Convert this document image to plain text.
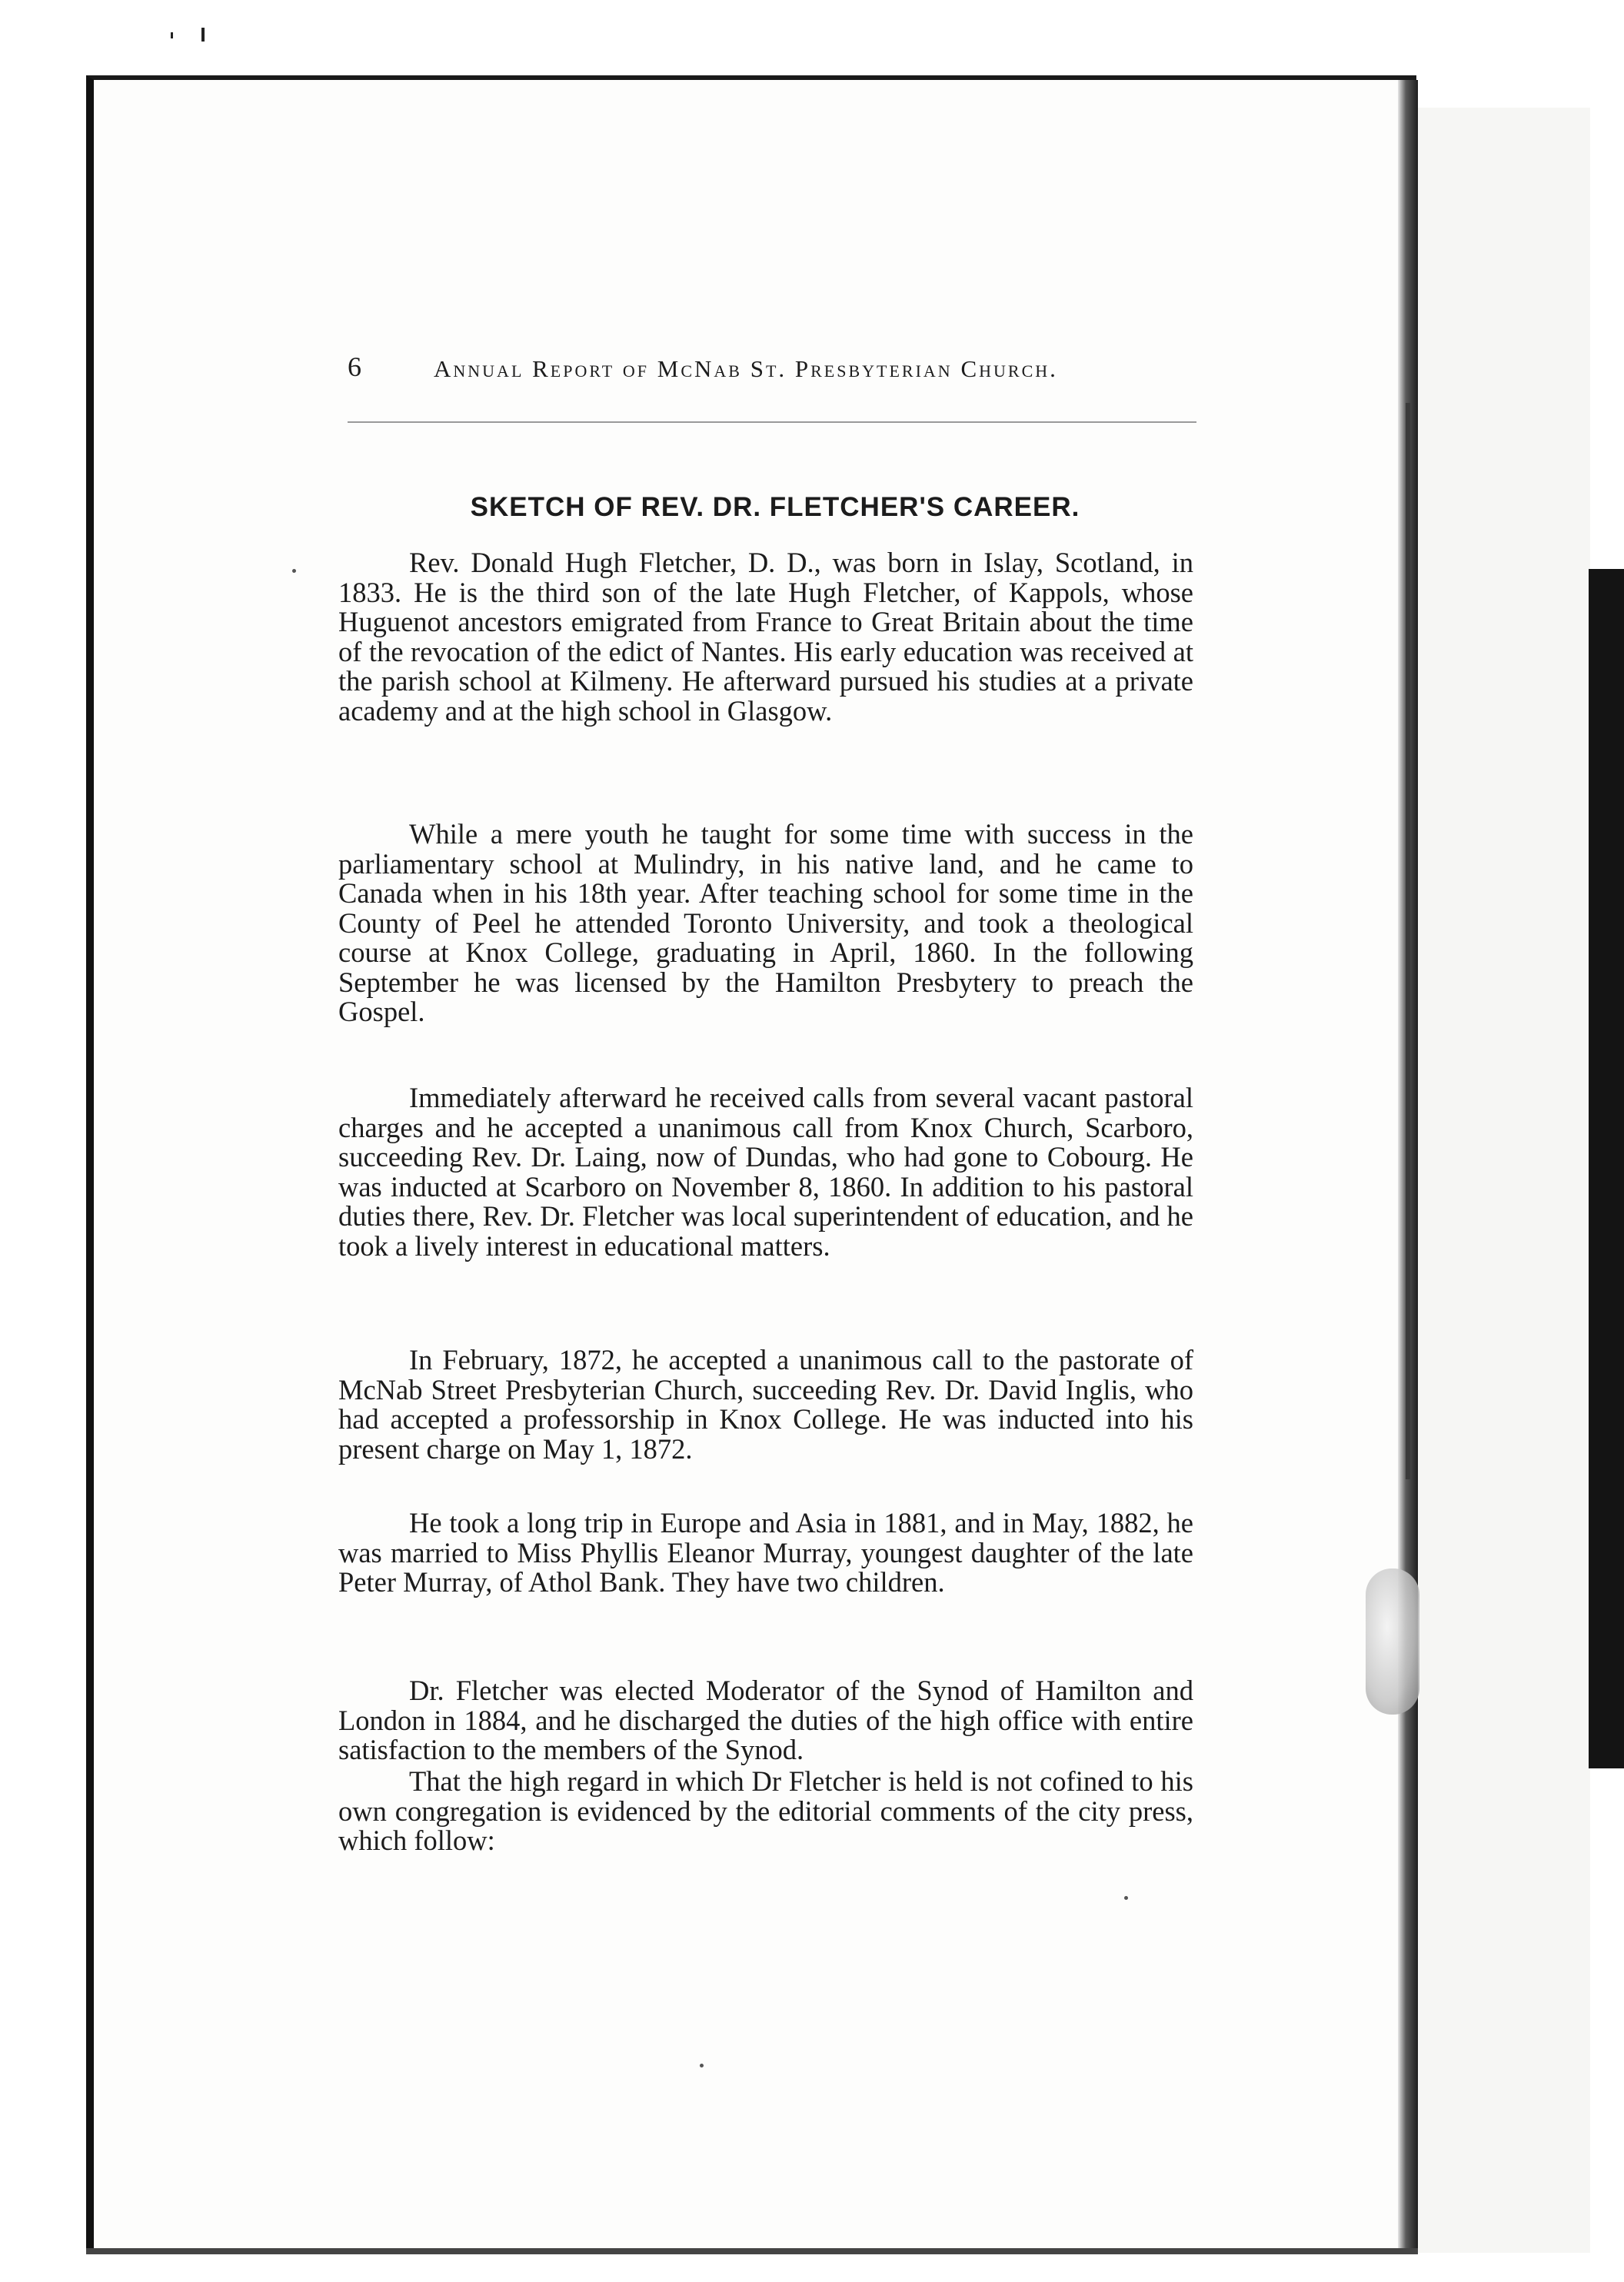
6	Annual Report of McNab St. Presbyterian Church.
SKETCH OF REV. DR. FLETCHER'S CAREER.

Rev. Donald Hugh Fletcher, D. D., was born in Islay, Scotland, in 1833. He is the third son of the late Hugh Fletcher, of Kappols, whose Huguenot ancestors emigrated from France to Great Britain about the time of the revocation of the edict of Nantes. His early education was received at the parish school at Kilmeny. He afterward pursued his studies at a private academy and at the high school in Glasgow.

While a mere youth he taught for some time with success in the parliamentary school at Mulindry, in his native land, and he came to Canada when in his 18th year. After teaching school for some time in the County of Peel he attended Toronto University, and took a theological course at Knox College, graduating in April, 1860. In the following September he was licensed by the Hamilton Presbytery to preach the Gospel.

Immediately afterward he received calls from several vacant pastoral charges and he accepted a unanimous call from Knox Church, Scarboro, succeeding Rev. Dr. Laing, now of Dundas, who had gone to Cobourg. He was inducted at Scarboro on November 8, 1860. In addition to his pastoral duties there, Rev. Dr. Fletcher was local superintendent of education, and he took a lively interest in educational matters.

In February, 1872, he accepted a unanimous call to the pastorate of McNab Street Presbyterian Church, succeeding Rev. Dr. David Inglis, who had accepted a professorship in Knox College. He was inducted into his present charge on May 1, 1872.

He took a long trip in Europe and Asia in 1881, and in May, 1882, he was married to Miss Phyllis Eleanor Murray, youngest daughter of the late Peter Murray, of Athol Bank. They have two children.

Dr. Fletcher was elected Moderator of the Synod of Hamilton and London in 1884, and he discharged the duties of the high office with entire satisfaction to the members of the Synod.

That the high regard in which Dr Fletcher is held is not cofined to his own congregation is evidenced by the editorial comments of the city press, which follow:
